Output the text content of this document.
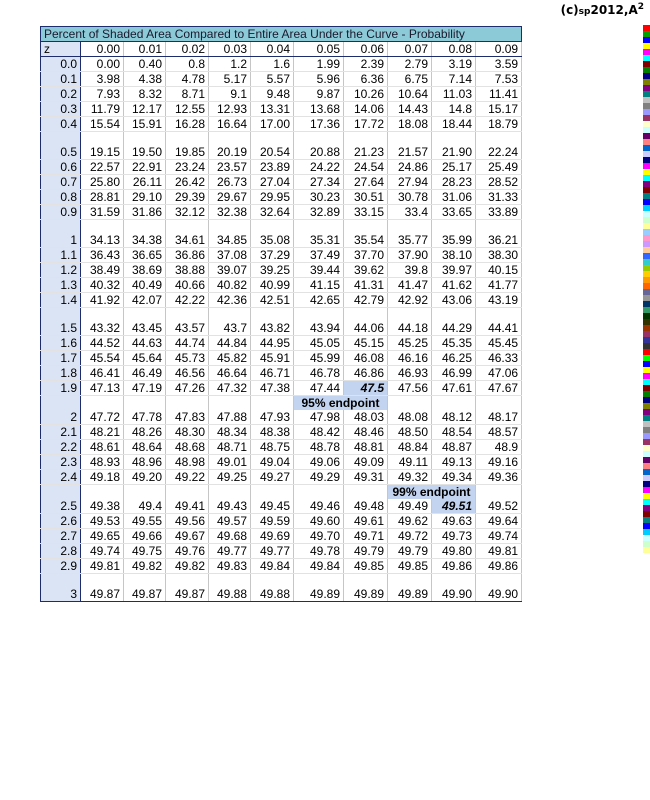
$(c)sp2012,A^2$
Percent of Shaded Area Compared to Entire Area Under the Curve - Probability										
z	0.00	0.01	0.02	0.03	0.04	0.05	0.06	0.07	0.08	0.09
0.0	0.00	0.40	0.8	1.2	1.6	1.99	2.39	2.79	3.19	3.59
0.1	3.98	4.38	4.78	5.17	5.57	5.96	6.36	6.75	7.14	7.53
0.2	7.93	8.32	8.71	9.1	9.48	9.87	10.26	10.64	11.03	11.41
0.3	11.79	12.17	12.55	12.93	13.31	13.68	14.06	14.43	14.8	15.17
0.4	15.54	15.91	16.28	16.64	17.00	17.36	17.72	18.08	18.44	18.79

0.5	19.15	19.50	19.85	20.19	20.54	20.88	21.23	21.57	21.90	22.24
0.6	22.57	22.91	23.24	23.57	23.89	24.22	24.54	24.86	25.17	25.49
0.7	25.80	26.11	26.42	26.73	27.04	27.34	27.64	27.94	28.23	28.52
0.8	28.81	29.10	29.39	29.67	29.95	30.23	30.51	30.78	31.06	31.33
0.9	31.59	31.86	32.12	32.38	32.64	32.89	33.15	33.4	33.65	33.89

1	34.13	34.38	34.61	34.85	35.08	35.31	35.54	35.77	35.99	36.21
1.1	36.43	36.65	36.86	37.08	37.29	37.49	37.70	37.90	38.10	38.30
1.2	38.49	38.69	38.88	39.07	39.25	39.44	39.62	39.8	39.97	40.15
1.3	40.32	40.49	40.66	40.82	40.99	41.15	41.31	41.47	41.62	41.77
1.4	41.92	42.07	42.22	42.36	42.51	42.65	42.79	42.92	43.06	43.19

1.5	43.32	43.45	43.57	43.7	43.82	43.94	44.06	44.18	44.29	44.41
1.6	44.52	44.63	44.74	44.84	44.95	45.05	45.15	45.25	45.35	45.45
1.7	45.54	45.64	45.73	45.82	45.91	45.99	46.08	46.16	46.25	46.33
1.8	46.41	46.49	46.56	46.64	46.71	46.78	46.86	46.93	46.99	47.06
1.9	47.13	47.19	47.26	47.32	47.38	47.44	47.5	47.56	47.61	47.67
						95% endpoint				
2	47.72	47.78	47.83	47.88	47.93	47.98	48.03	48.08	48.12	48.17
2.1	48.21	48.26	48.30	48.34	48.38	48.42	48.46	48.50	48.54	48.57
2.2	48.61	48.64	48.68	48.71	48.75	48.78	48.81	48.84	48.87	48.9
2.3	48.93	48.96	48.98	49.01	49.04	49.06	49.09	49.11	49.13	49.16
2.4	49.18	49.20	49.22	49.25	49.27	49.29	49.31	49.32	49.34	49.36
								99% endpoint		
2.5	49.38	49.4	49.41	49.43	49.45	49.46	49.48	49.49	49.51	49.52
2.6	49.53	49.55	49.56	49.57	49.59	49.60	49.61	49.62	49.63	49.64
2.7	49.65	49.66	49.67	49.68	49.69	49.70	49.71	49.72	49.73	49.74
2.8	49.74	49.75	49.76	49.77	49.77	49.78	49.79	49.79	49.80	49.81
2.9	49.81	49.82	49.82	49.83	49.84	49.84	49.85	49.85	49.86	49.86

3	49.87	49.87	49.87	49.88	49.88	49.89	49.89	49.89	49.90	49.90
